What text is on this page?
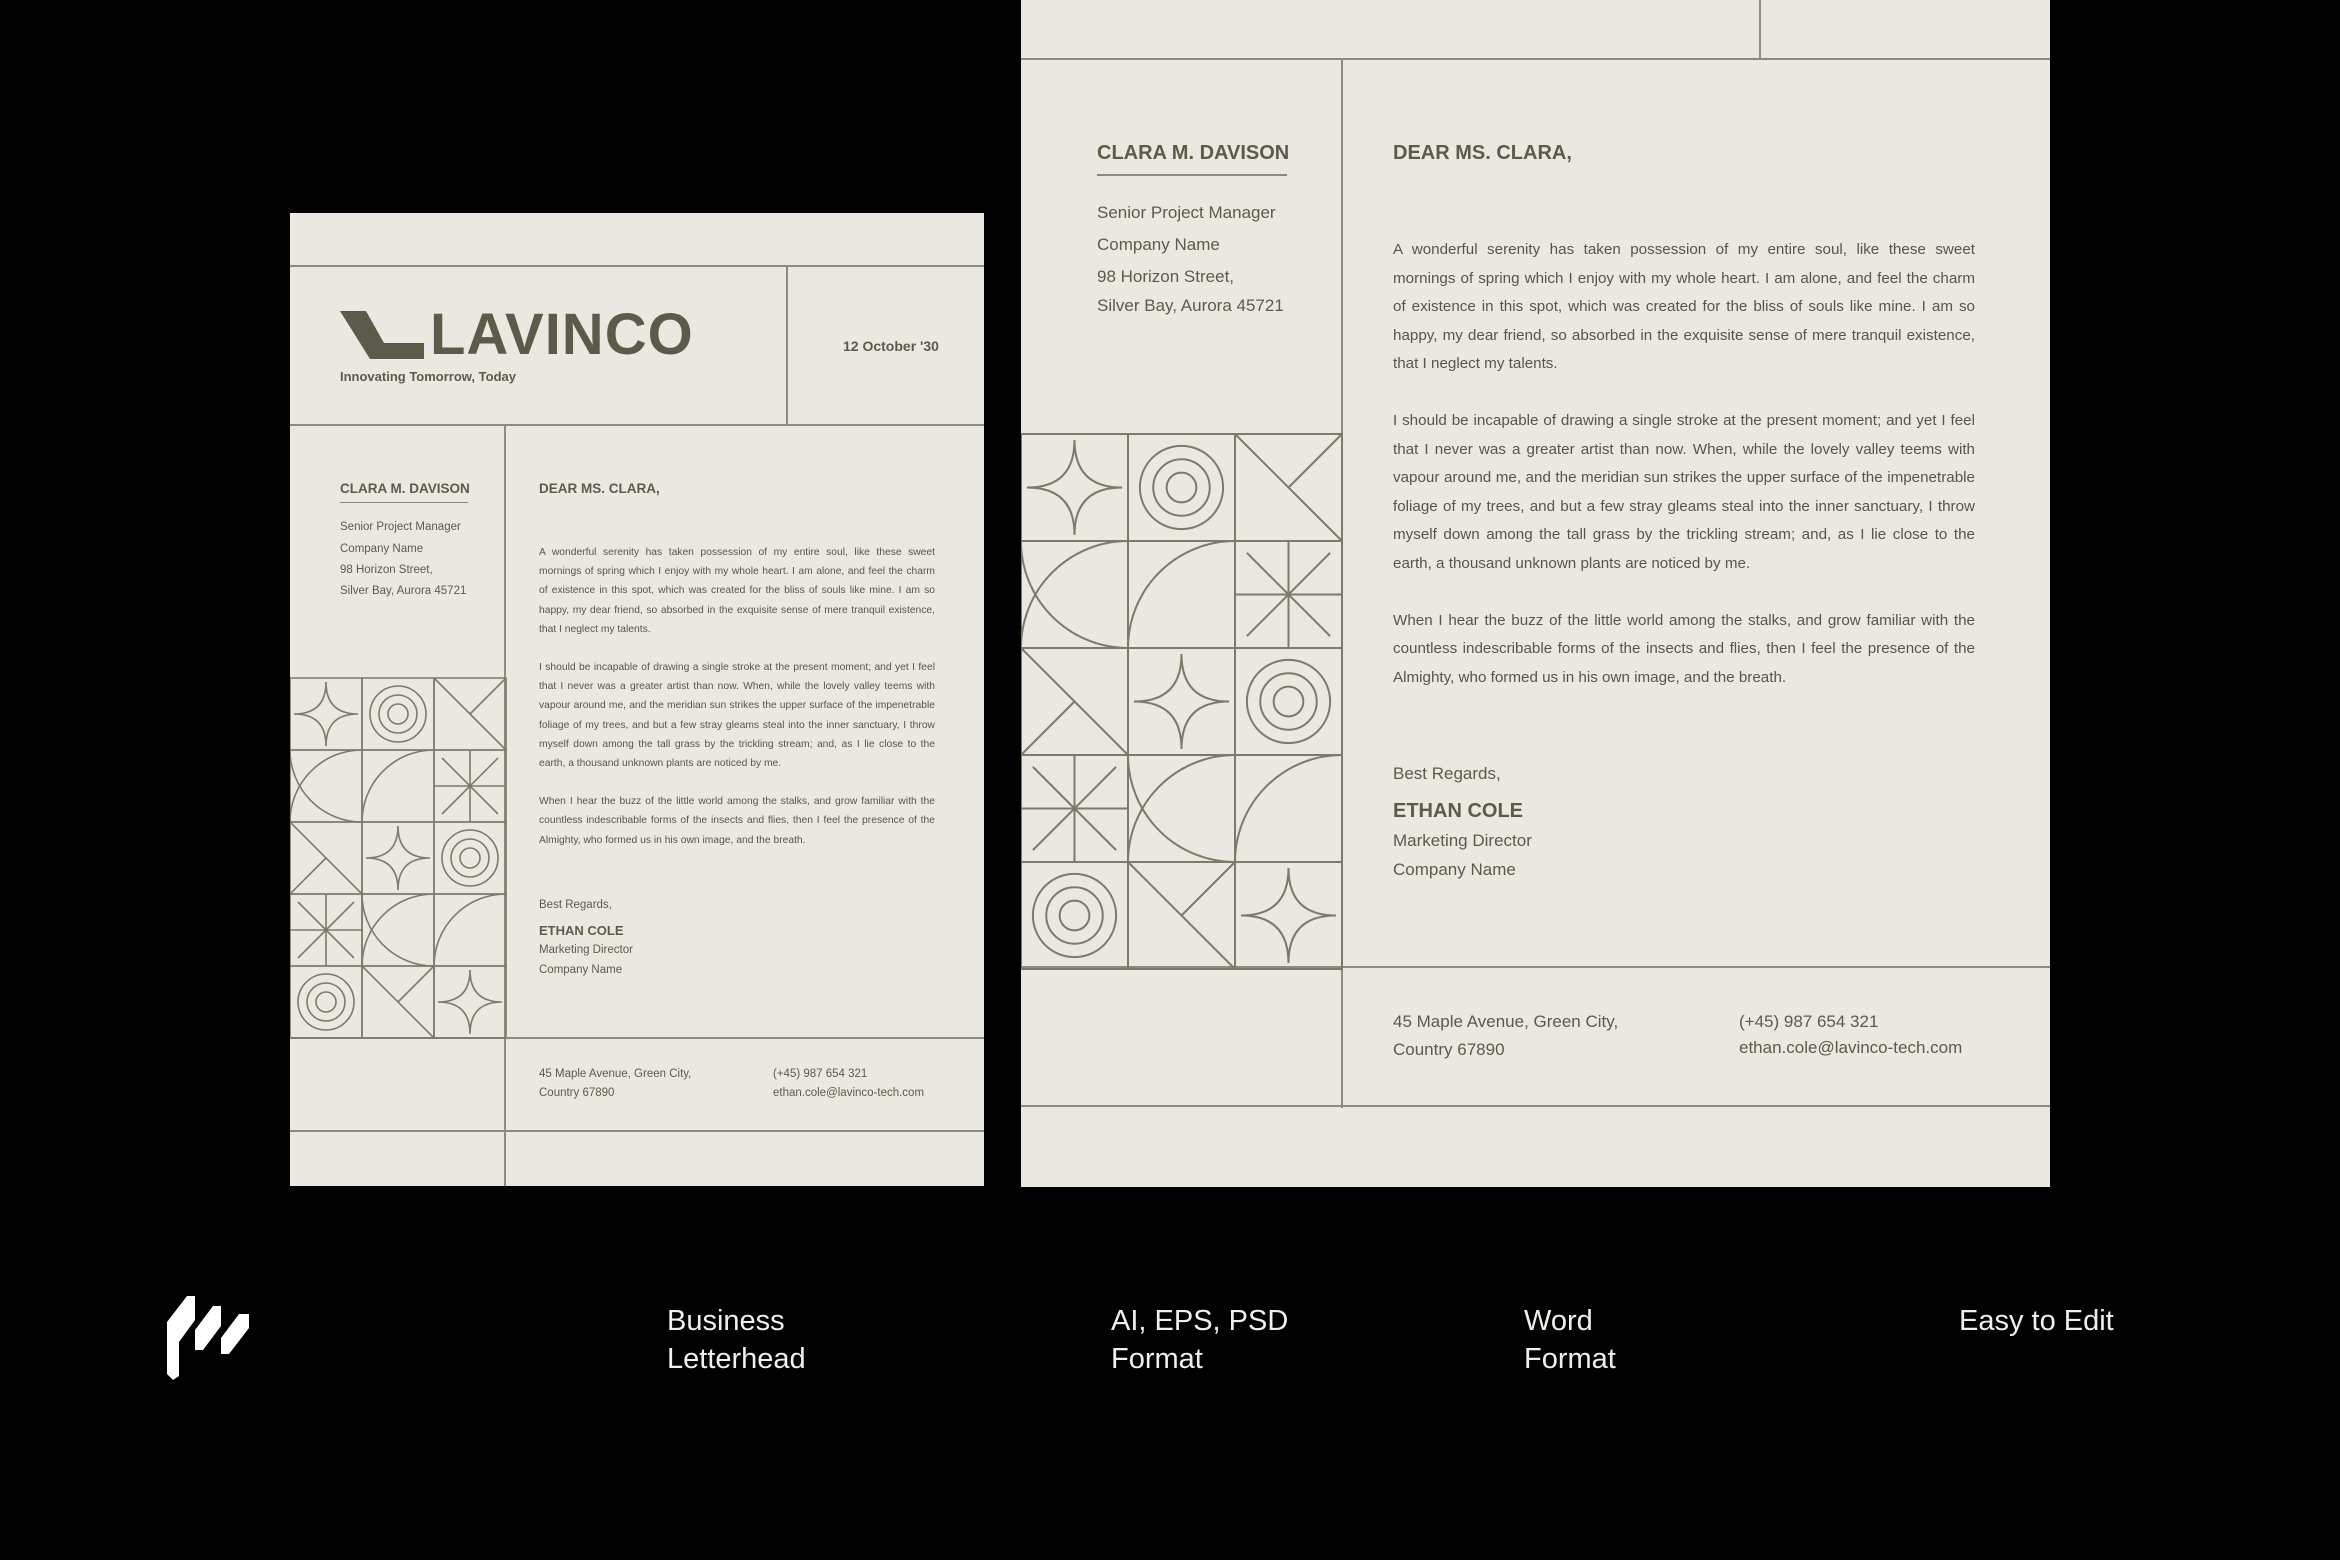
LAVINCO
Innovating Tomorrow, Today
12 October '30
CLARA M. DAVISON
Senior Project Manager
Company Name
98 Horizon Street,
Silver Bay, Aurora 45721
DEAR MS. CLARA,

A wonderful serenity has taken possession of my entire soul, like these sweet mornings of spring which I enjoy with my whole heart. I am alone, and feel the charm of existence in this spot, which was created for the bliss of souls like mine. I am so happy, my dear friend, so absorbed in the exquisite sense of mere tranquil existence, that I neglect my talents.

I should be incapable of drawing a single stroke at the present moment; and yet I feel that I never was a greater artist than now. When, while the lovely valley teems with vapour around me, and the meridian sun strikes the upper surface of the impenetrable foliage of my trees, and but a few stray gleams steal into the inner sanctuary, I throw myself down among the tall grass by the trickling stream; and, as I lie close to the earth, a thousand unknown plants are noticed by me.

When I hear the buzz of the little world among the stalks, and grow familiar with the countless indescribable forms of the insects and flies, then I feel the presence of the Almighty, who formed us in his own image, and the breath.

Best Regards,
ETHAN COLE
Marketing Director
Company Name
45 Maple Avenue, Green City,
Country 67890
(+45) 987 654 321
ethan.cole@lavinco-tech.com
CLARA M. DAVISON
Senior Project Manager
Company Name
98 Horizon Street,
Silver Bay, Aurora 45721
DEAR MS. CLARA,

A wonderful serenity has taken possession of my entire soul, like these sweet mornings of spring which I enjoy with my whole heart. I am alone, and feel the charm of existence in this spot, which was created for the bliss of souls like mine. I am so happy, my dear friend, so absorbed in the exquisite sense of mere tranquil existence, that I neglect my talents.

I should be incapable of drawing a single stroke at the present moment; and yet I feel that I never was a greater artist than now. When, while the lovely valley teems with vapour around me, and the meridian sun strikes the upper surface of the impenetrable foliage of my trees, and but a few stray gleams steal into the inner sanctuary, I throw myself down among the tall grass by the trickling stream; and, as I lie close to the earth, a thousand unknown plants are noticed by me.

When I hear the buzz of the little world among the stalks, and grow familiar with the countless indescribable forms of the insects and flies, then I feel the presence of the Almighty, who formed us in his own image, and the breath.

Best Regards,
ETHAN COLE
Marketing Director
Company Name
45 Maple Avenue, Green City,
Country 67890
(+45) 987 654 321
ethan.cole@lavinco-tech.com
Business
Letterhead
AI, EPS, PSD
Format
Word
Format
Easy to Edit
